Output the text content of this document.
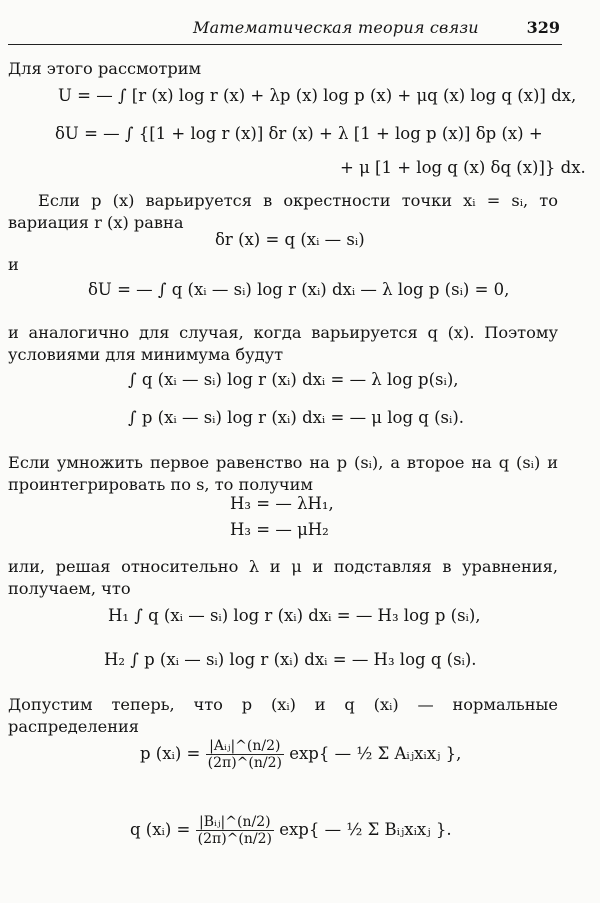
Математическая теория связи	329
Для этого рассмотрим
U = — ∫ [r (x) log r (x) + λp (x) log p (x) + μq (x) log q (x)] dx,
δU = — ∫ {[1 + log r (x)] δr (x) + λ [1 + log p (x)] δp (x) +
+ μ [1 + log q (x) δq (x)]} dx.
Если p (x) варьируется в окрестности точки xᵢ = sᵢ, то вариация r (x) равна
δr (x) = q (xᵢ — sᵢ)
и
δU = — ∫ q (xᵢ — sᵢ) log r (xᵢ) dxᵢ — λ log p (sᵢ) = 0,
и аналогично для случая, когда варьируется q (x). Поэтому условиями для минимума будут
∫ q (xᵢ — sᵢ) log r (xᵢ) dxᵢ = — λ log p(sᵢ),
∫ p (xᵢ — sᵢ) log r (xᵢ) dxᵢ = — μ log q (sᵢ).
Если умножить первое равенство на p (sᵢ), а второе на q (sᵢ) и проинтегрировать по s, то получим
H₃ = — λH₁,
H₃ = — μH₂
или, решая относительно λ и μ и подставляя в уравнения, получаем, что
H₁ ∫ q (xᵢ — sᵢ) log r (xᵢ) dxᵢ = — H₃ log p (sᵢ),
H₂ ∫ p (xᵢ — sᵢ) log r (xᵢ) dxᵢ = — H₃ log q (sᵢ).
Допустим теперь, что p (xᵢ) и q (xᵢ) — нормальные распределения
p (xᵢ) = $\frac{\text{|Aᵢⱼ|\textasciicircum{}(n/2)}}{(2\pi)\^{}(n/2)} \exp${ — ½ Σ Aᵢⱼxᵢxⱼ },
q (xᵢ) = $\frac{\text{|Bᵢⱼ|\textasciicircum{}(n/2)}}{(2\pi)\^{}(n/2)} \exp${ — ½ Σ Bᵢⱼxᵢxⱼ }.
